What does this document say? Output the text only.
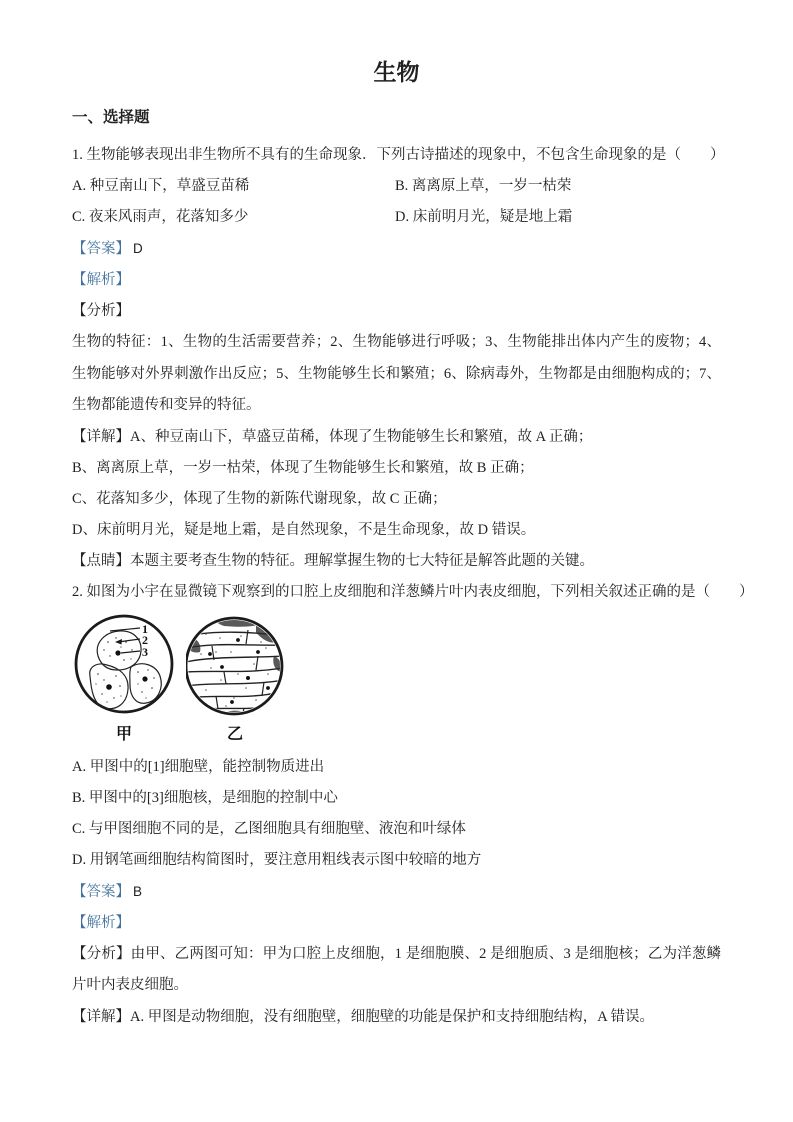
生物
一、选择题

1. 生物能够表现出非生物所不具有的生命现象．下列古诗描述的现象中，不包含生命现象的是（　　）

A. 种豆南山下，草盛豆苗稀	B. 离离原上草，一岁一枯荣
C. 夜来风雨声，花落知多少	D. 床前明月光，疑是地上霜

【答案】 D

【解析】

【分析】

生物的特征：1、生物的生活需要营养；2、生物能够进行呼吸；3、生物能排出体内产生的废物；4、生物能够对外界刺激作出反应；5、生物能够生长和繁殖；6、除病毒外，生物都是由细胞构成的；7、生物都能遗传和变异的特征。

【详解】A、种豆南山下，草盛豆苗稀，体现了生物能够生长和繁殖，故 A 正确；

B、离离原上草，一岁一枯荣，体现了生物能够生长和繁殖，故 B 正确；

C、花落知多少，体现了生物的新陈代谢现象，故 C 正确；

D、床前明月光，疑是地上霜，是自然现象，不是生命现象，故 D 错误。

【点睛】本题主要考查生物的特征。理解掌握生物的七大特征是解答此题的关键。

2. 如图为小宇在显微镜下观察到的口腔上皮细胞和洋葱鳞片叶内表皮细胞，下列相关叙述正确的是（　　）

1
2
3
甲	乙

A. 甲图中的[1]细胞壁，能控制物质进出

B. 甲图中的[3]细胞核，是细胞的控制中心

C. 与甲图细胞不同的是，乙图细胞具有细胞壁、液泡和叶绿体

D. 用钢笔画细胞结构简图时，要注意用粗线表示图中较暗的地方

【答案】 B

【解析】

【分析】由甲、乙两图可知：甲为口腔上皮细胞，1 是细胞膜、2 是细胞质、3 是细胞核；乙为洋葱鳞片叶内表皮细胞。

【详解】A. 甲图是动物细胞，没有细胞壁，细胞壁的功能是保护和支持细胞结构，A 错误。
